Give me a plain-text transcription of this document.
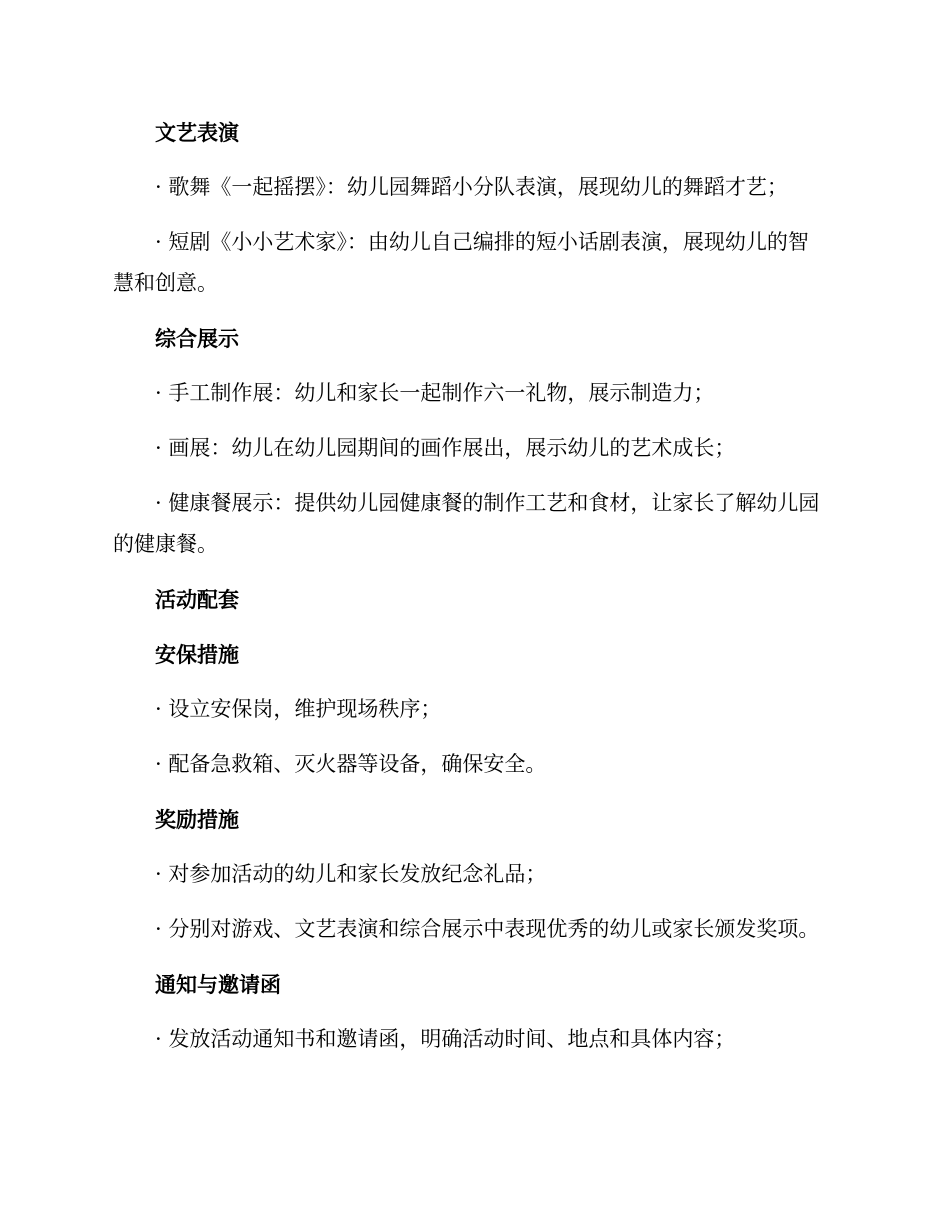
文艺表演

· 歌舞《一起摇摆》：幼儿园舞蹈小分队表演，展现幼儿的舞蹈才艺；

· 短剧《小小艺术家》：由幼儿自己编排的短小话剧表演，展现幼儿的智慧和创意。

综合展示

· 手工制作展：幼儿和家长一起制作六一礼物，展示制造力；

· 画展：幼儿在幼儿园期间的画作展出，展示幼儿的艺术成长；

· 健康餐展示：提供幼儿园健康餐的制作工艺和食材，让家长了解幼儿园的健康餐。

活动配套

安保措施

· 设立安保岗，维护现场秩序；

· 配备急救箱、灭火器等设备，确保安全。

奖励措施

· 对参加活动的幼儿和家长发放纪念礼品；

· 分别对游戏、文艺表演和综合展示中表现优秀的幼儿或家长颁发奖项。

通知与邀请函

· 发放活动通知书和邀请函，明确活动时间、地点和具体内容；
